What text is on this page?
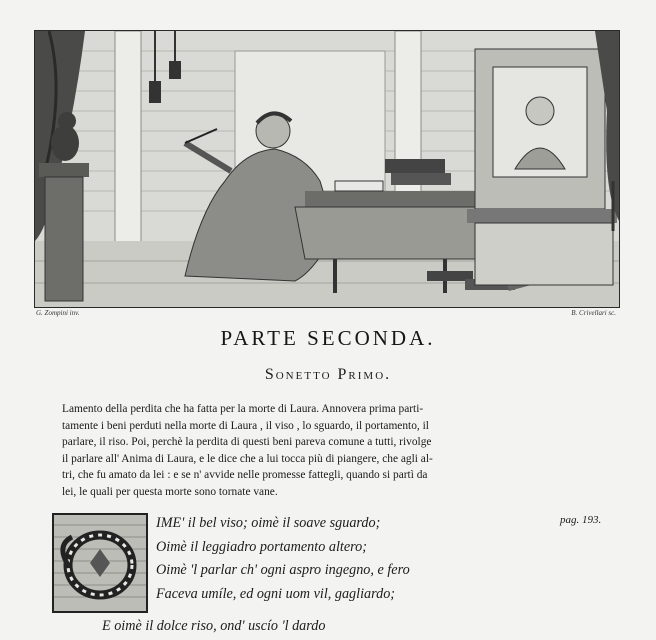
G. Zompini inv.	B. Crivellari sc.
PARTE SECONDA.
Sonetto Primo.
Lamento della perdita che ha fatta per la morte di Laura. Annovera prima parti-
tamente i beni perduti nella morte di Laura , il viso , lo sguardo, il portamento, il
parlare, il riso. Poi, perchè la perdita di questi beni pareva comune a tutti, rivolge
il parlare all' Anima di Laura, e le dice che a lui tocca più di piangere, che agli al-
tri, che fu amato da lei : e se n' avvide nelle promesse fattegli, quando si partì da
lei, le quali per questa morte sono tornate vane.
IME' il bel viso; oimè il soave sguardo;
Oimè il leggiadro portamento altero;
Oimè 'l parlar ch' ogni aspro ingegno, e fero
Faceva umíle, ed ogni uom vil, gagliardo;
pag. 193.
E oimè il dolce riso, ond' uscío 'l dardo
